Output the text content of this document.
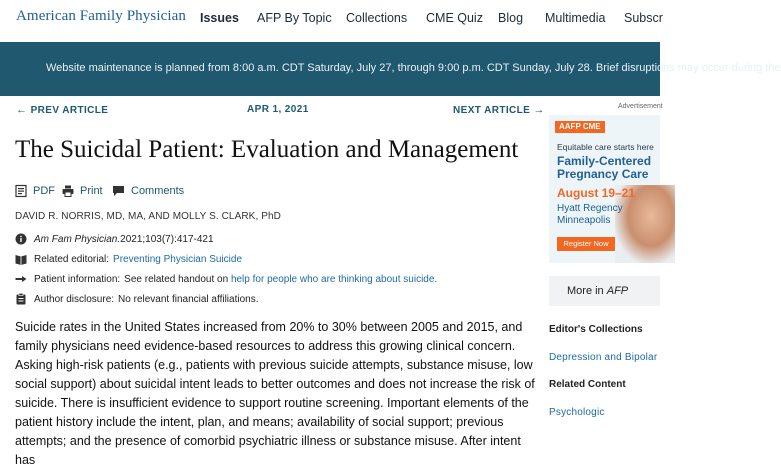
American Family Physician Issues AFP By Topic Collections CME Quiz Blog Multimedia Subscr
Website maintenance is planned from 8:00 a.m. CDT Saturday, July 27, through 9:00 p.m. CDT Sunday, July 28. Brief disruptions may occur during the
← PREV ARTICLE	APR 1, 2021	NEXT ARTICLE →	Advertisement
The Suicidal Patient: Evaluation and Management
PDF Print	Comments
DAVID R. NORRIS, MD, MA, AND MOLLY S. CLARK, PhD
Am Fam Physician. 2021;103(7):417-421
Related editorial: Preventing Physician Suicide
Patient information: See related handout on help for people who are thinking about suicide.
Author disclosure: No relevant financial affiliations.

Suicide rates in the United States increased from 20% to 30% between 2005 and 2015, and family physicians need evidence-based resources to address this growing clinical concern. Asking high-risk patients (e.g., patients with previous suicide attempts, substance misuse, low social support) about suicidal intent leads to better outcomes and does not increase the risk of suicide. There is insufficient evidence to support routine screening. Important elements of the patient history include the intent, plan, and means; availability of social support; previous attempts; and the presence of comorbid psychiatric illness or substance misuse. After intent has

AAFP CME
Equitable care starts here
Family-Centered
Pregnancy Care
August 19–21
Hyatt Regency
Minneapolis
Register Now
More in AFP
Editor's Collections
Depression and Bipolar
Related Content
Psychologic
